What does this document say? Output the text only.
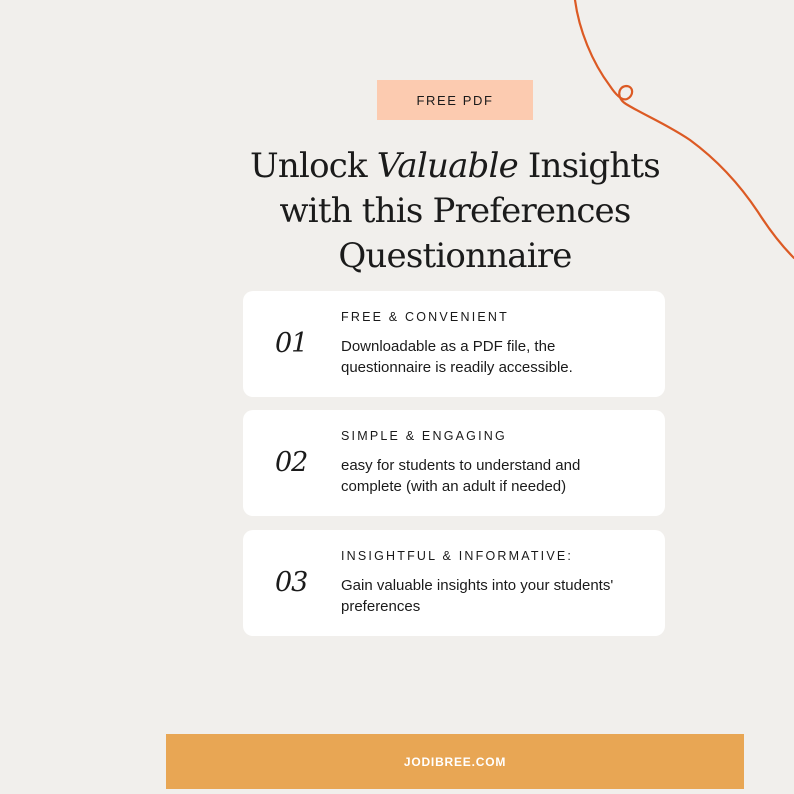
FREE PDF
Unlock Valuable Insights
with this Preferences
Questionnaire
01
FREE & CONVENIENT
Downloadable as a PDF file, the questionnaire is readily accessible.
02
SIMPLE & ENGAGING
easy for students to understand and complete (with an adult if needed)
03
INSIGHTFUL & INFORMATIVE:
Gain valuable insights into your students' preferences
JODIBREE.COM
